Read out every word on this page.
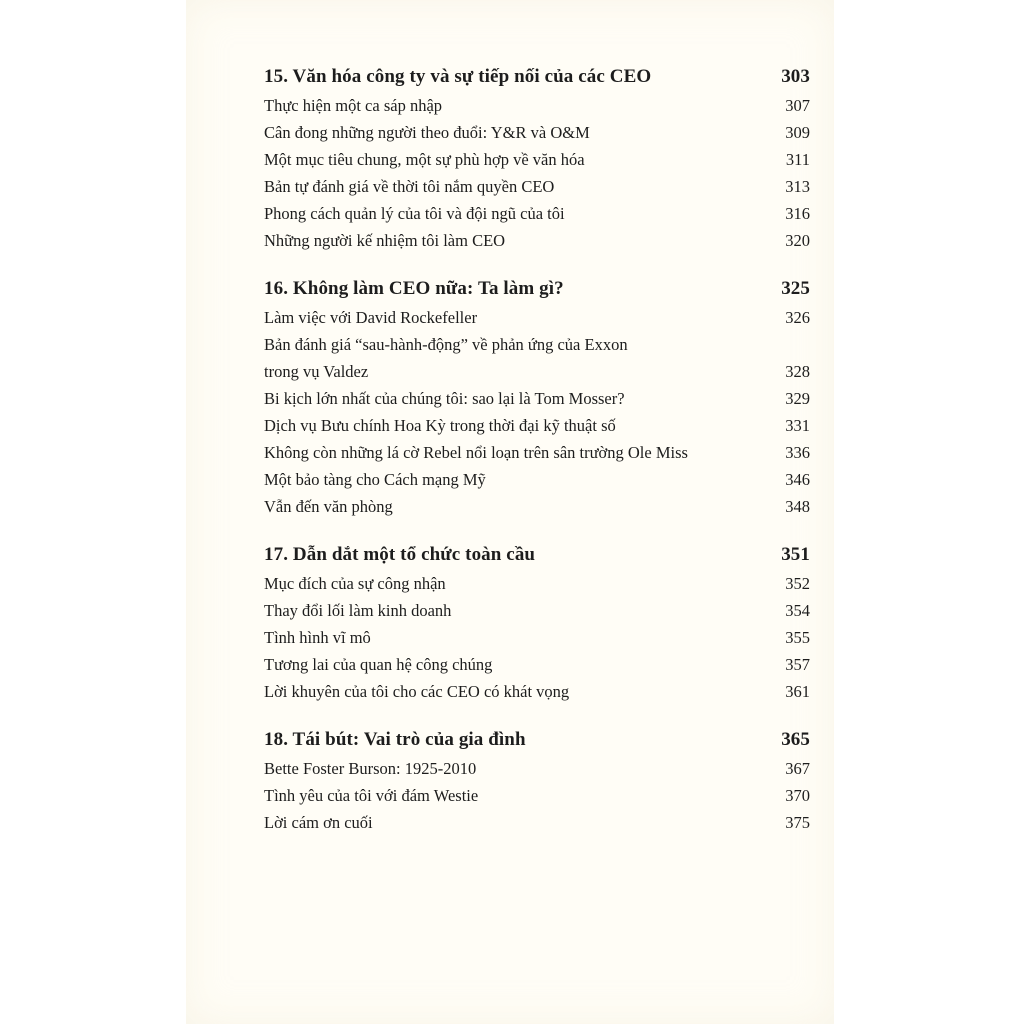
15. Văn hóa công ty và sự tiếp nối của các CEO	303
Thực hiện một ca sáp nhập	307
Cân đong những người theo đuổi: Y&R và O&M	309
Một mục tiêu chung, một sự phù hợp về văn hóa	311
Bản tự đánh giá về thời tôi nắm quyền CEO	313
Phong cách quản lý của tôi và đội ngũ của tôi	316
Những người kế nhiệm tôi làm CEO	320
16. Không làm CEO nữa: Ta làm gì?	325
Làm việc với David Rockefeller	326
Bản đánh giá “sau-hành-động” về phản ứng của Exxon
trong vụ Valdez	328
Bi kịch lớn nhất của chúng tôi: sao lại là Tom Mosser?	329
Dịch vụ Bưu chính Hoa Kỳ trong thời đại kỹ thuật số	331
Không còn những lá cờ Rebel nổi loạn trên sân trường Ole Miss	336
Một bảo tàng cho Cách mạng Mỹ	346
Vẫn đến văn phòng	348
17. Dẫn dắt một tổ chức toàn cầu	351
Mục đích của sự công nhận	352
Thay đổi lối làm kinh doanh	354
Tình hình vĩ mô	355
Tương lai của quan hệ công chúng	357
Lời khuyên của tôi cho các CEO có khát vọng	361
18. Tái bút: Vai trò của gia đình	365
Bette Foster Burson: 1925-2010	367
Tình yêu của tôi với đám Westie	370
Lời cám ơn cuối	375
